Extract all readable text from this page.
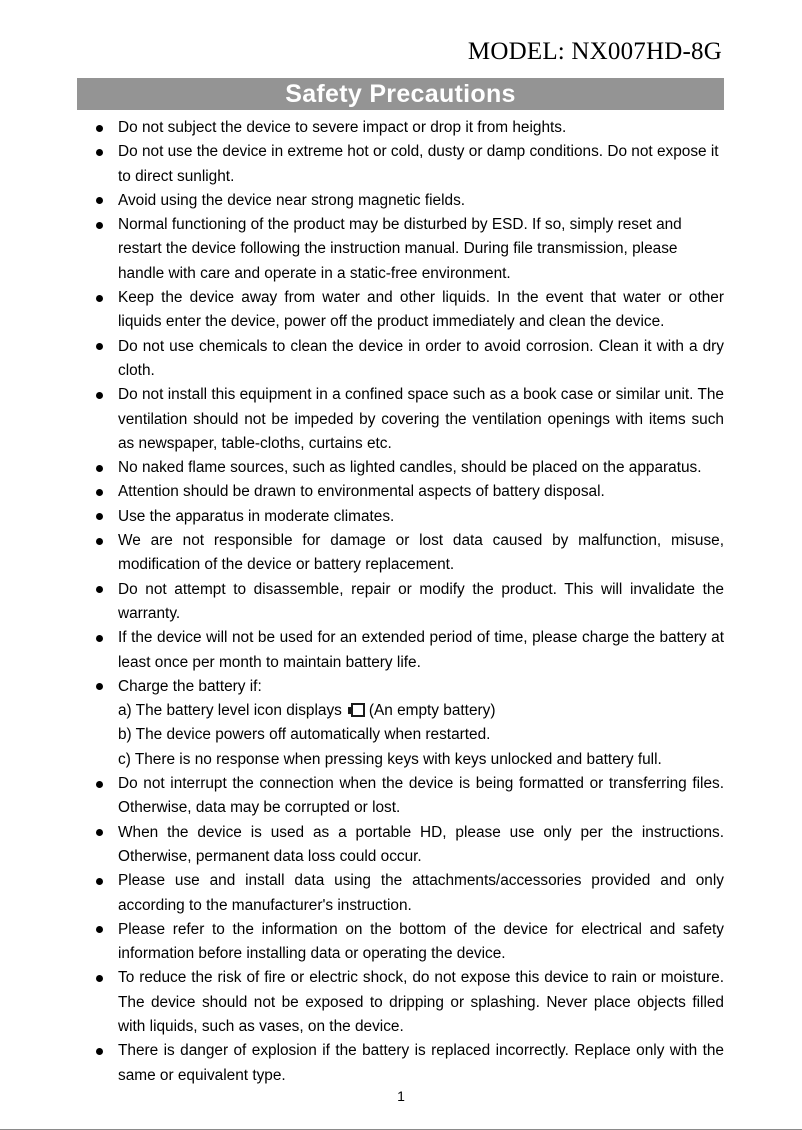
MODEL: NX007HD-8G
Safety Precautions
Do not subject the device to severe impact or drop it from heights.
Do not use the device in extreme hot or cold, dusty or damp conditions. Do not expose it to direct sunlight.
Avoid using the device near strong magnetic fields.
Normal functioning of the product may be disturbed by ESD. If so, simply reset and restart the device following the instruction manual. During file transmission, please handle with care and operate in a static-free environment.
Keep the device away from water and other liquids. In the event that water or other liquids enter the device, power off the product immediately and clean the device.
Do not use chemicals to clean the device in order to avoid corrosion. Clean it with a dry cloth.
Do not install this equipment in a confined space such as a book case or similar unit. The ventilation should not be impeded by covering the ventilation openings with items such as newspaper, table-cloths, curtains etc.
No naked flame sources, such as lighted candles, should be placed on the apparatus.
Attention should be drawn to environmental aspects of battery disposal.
Use the apparatus in moderate climates.
We are not responsible for damage or lost data caused by malfunction, misuse, modification of the device or battery replacement.
Do not attempt to disassemble, repair or modify the product. This will invalidate the warranty.
If the device will not be used for an extended period of time, please charge the battery at least once per month to maintain battery life.
Charge the battery if:
a) The battery level icon displays (An empty battery)
b) The device powers off automatically when restarted.
c) There is no response when pressing keys with keys unlocked and battery full.
Do not interrupt the connection when the device is being formatted or transferring files. Otherwise, data may be corrupted or lost.
When the device is used as a portable HD, please use only per the instructions. Otherwise, permanent data loss could occur.
Please use and install data using the attachments/accessories provided and only according to the manufacturer's instruction.
Please refer to the information on the bottom of the device for electrical and safety information before installing data or operating the device.
To reduce the risk of fire or electric shock, do not expose this device to rain or moisture. The device should not be exposed to dripping or splashing. Never place objects filled with liquids, such as vases, on the device.
There is danger of explosion if the battery is replaced incorrectly. Replace only with the same or equivalent type.
1
